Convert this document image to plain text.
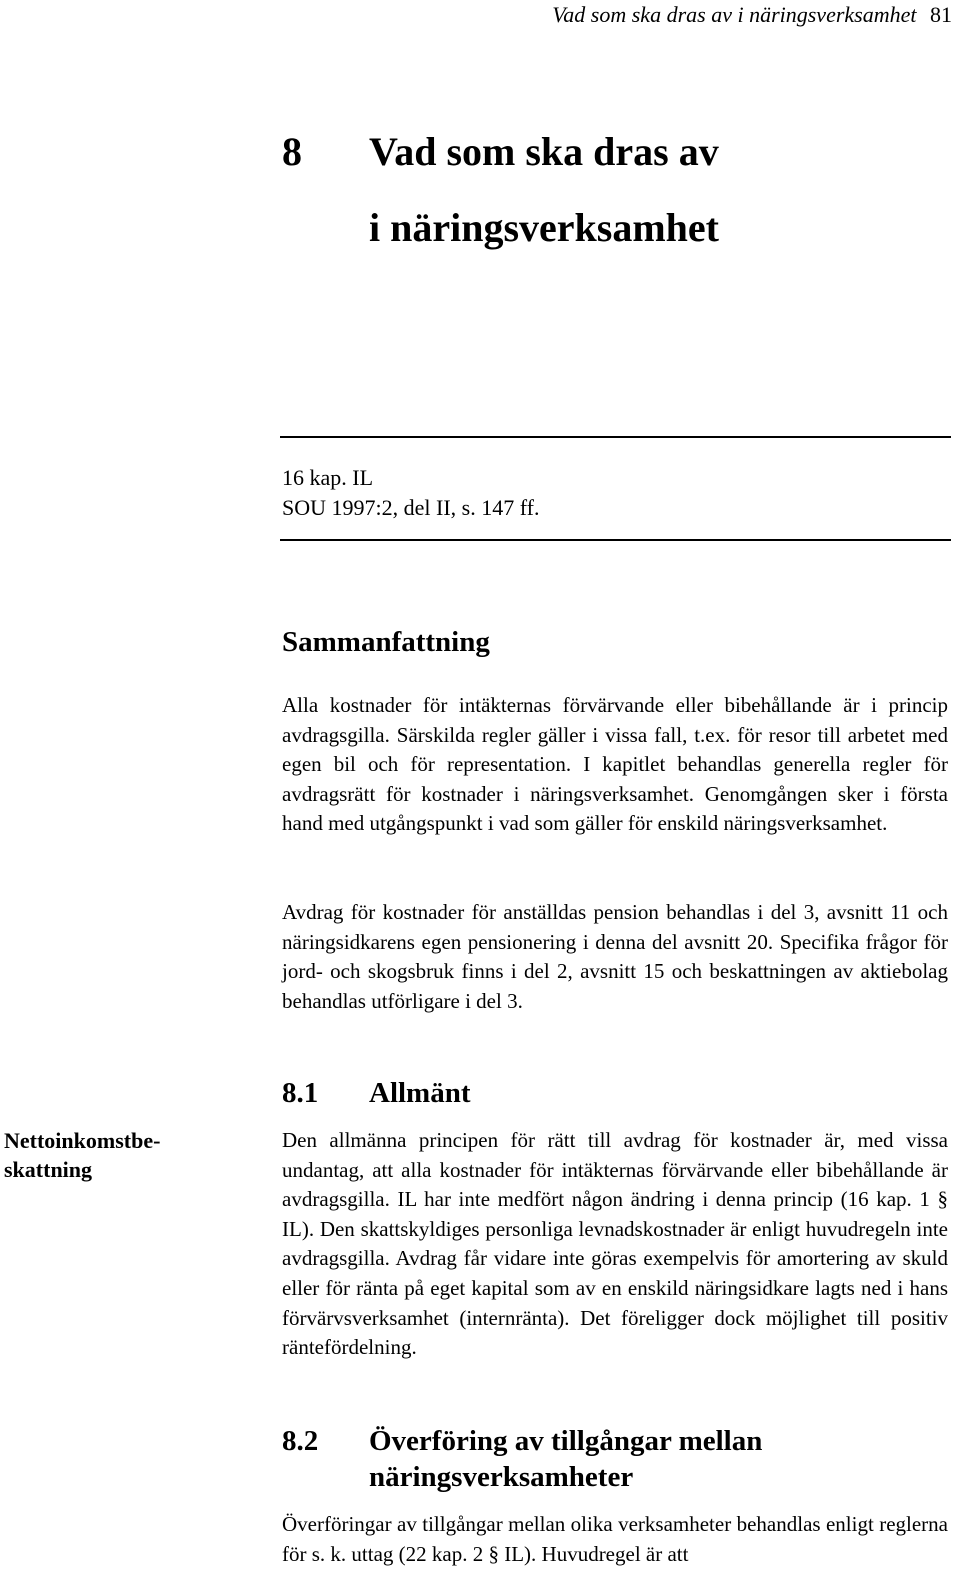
Vad som ska dras av i näringsverksamhet 81
8 Vad som ska dras av
i näringsverksamhet
16 kap. IL
SOU 1997:2, del II, s. 147 ff.
Sammanfattning

Alla kostnader för intäkternas förvärvande eller bibehållande är i princip avdragsgilla. Särskilda regler gäller i vissa fall, t.ex. för resor till arbetet med egen bil och för representation. I kapitlet behandlas generella regler för avdragsrätt för kostnader i näringsverksamhet. Genomgången sker i första hand med utgångspunkt i vad som gäller för enskild näringsverksamhet.

Avdrag för kostnader för anställdas pension behandlas i del 3, avsnitt 11 och näringsidkarens egen pensionering i denna del avsnitt 20. Specifika frågor för jord- och skogsbruk finns i del 2, avsnitt 15 och beskattningen av aktiebolag behandlas utförligare i del 3.

8.1 Allmänt
Nettoinkomstbe-
skattning

Den allmänna principen för rätt till avdrag för kostnader är, med vissa undantag, att alla kostnader för intäkternas förvärvande eller bibehållande är avdragsgilla. IL har inte medfört någon ändring i denna princip (16 kap. 1 § IL). Den skattskyldiges personliga levnadskostnader är enligt huvudregeln inte avdragsgilla. Avdrag får vidare inte göras exempelvis för amortering av skuld eller för ränta på eget kapital som av en enskild näringsidkare lagts ned i hans förvärvsverksamhet (internränta). Det föreligger dock möjlighet till positiv räntefördelning.

8.2 Överföring av tillgångar mellan näringsverksamheter

Överföringar av tillgångar mellan olika verksamheter behandlas enligt reglerna för s. k. uttag (22 kap. 2 § IL). Huvudregel är att
